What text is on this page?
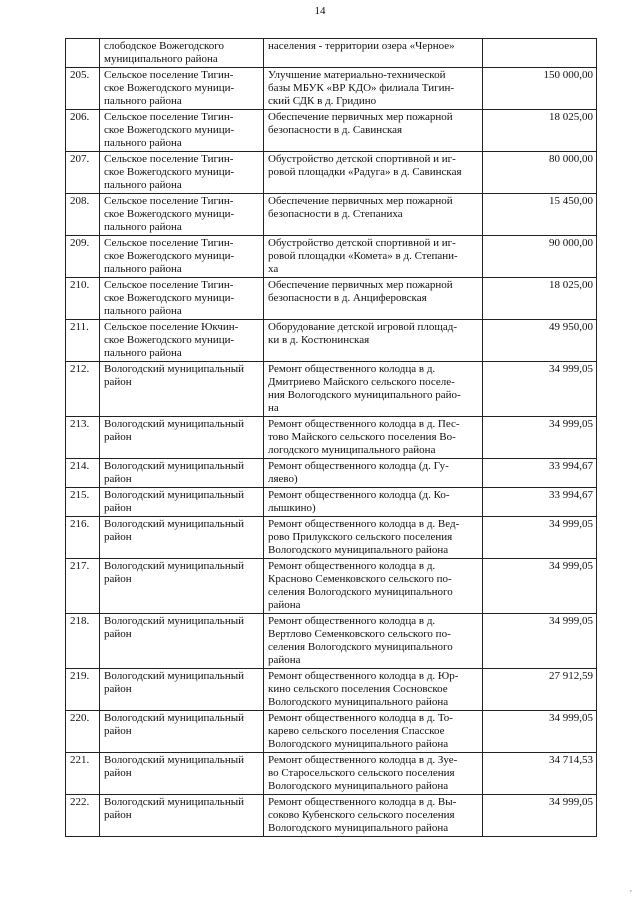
14
	слободское Вожегодского
муниципального района	населения - территории озера «Черное»	
205.	Сельское поселение Тигин-
ское Вожегодского муници-
пального района	Улучшение материально-технической
базы МБУК «ВР КДО» филиала Тигин-
ский СДК в д. Гридино	150 000,00
206.	Сельское поселение Тигин-
ское Вожегодского муници-
пального района	Обеспечение первичных мер пожарной
безопасности в д. Савинская	18 025,00
207.	Сельское поселение Тигин-
ское Вожегодского муници-
пального района	Обустройство детской спортивной и иг-
ровой площадки «Радуга» в д. Савинская	80 000,00
208.	Сельское поселение Тигин-
ское Вожегодского муници-
пального района	Обеспечение первичных мер пожарной
безопасности в д. Степаниха	15 450,00
209.	Сельское поселение Тигин-
ское Вожегодского муници-
пального района	Обустройство детской спортивной и иг-
ровой площадки «Комета» в д. Степани-
ха	90 000,00
210.	Сельское поселение Тигин-
ское Вожегодского муници-
пального района	Обеспечение первичных мер пожарной
безопасности в д. Анциферовская	18 025,00
211.	Сельское поселение Юкчин-
ское Вожегодского муници-
пального района	Оборудование детской игровой площад-
ки в д. Костюнинская	49 950,00
212.	Вологодский муниципальный
район	Ремонт общественного колодца в д.
Дмитриево Майского сельского поселе-
ния Вологодского муниципального райо-
на	34 999,05
213.	Вологодский муниципальный
район	Ремонт общественного колодца в д. Пес-
тово Майского сельского поселения Во-
логодского муниципального района	34 999,05
214.	Вологодский муниципальный
район	Ремонт общественного колодца (д. Гу-
ляево)	33 994,67
215.	Вологодский муниципальный
район	Ремонт общественного колодца (д. Ко-
лышкино)	33 994,67
216.	Вологодский муниципальный
район	Ремонт общественного колодца в д. Вед-
рово Прилукского сельского поселения
Вологодского муниципального района	34 999,05
217.	Вологодский муниципальный
район	Ремонт общественного колодца в д.
Красново Семенковского сельского по-
селения Вологодского муниципального
района	34 999,05
218.	Вологодский муниципальный
район	Ремонт общественного колодца в д.
Вертлово Семенковского сельского по-
селения Вологодского муниципального
района	34 999,05
219.	Вологодский муниципальный
район	Ремонт общественного колодца в д. Юр-
кино сельского поселения Сосновское
Вологодского муниципального района	27 912,59
220.	Вологодский муниципальный
район	Ремонт общественного колодца в д. То-
карево сельского поселения Спасское
Вологодского муниципального района	34 999,05
221.	Вологодский муниципальный
район	Ремонт общественного колодца в д. Зуе-
во Старосельского сельского поселения
Вологодского муниципального района	34 714,53
222.	Вологодский муниципальный
район	Ремонт общественного колодца в д. Вы-
соково Кубенского сельского поселения
Вологодского муниципального района	34 999,05
,
